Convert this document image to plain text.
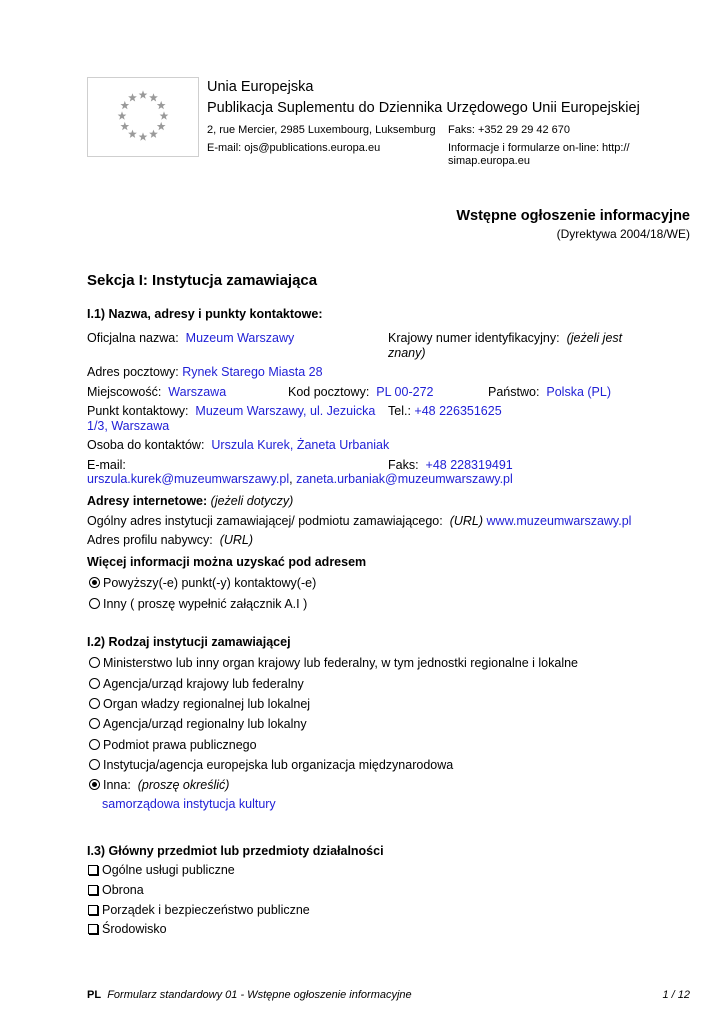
Unia Europejska
Publikacja Suplementu do Dziennika Urzędowego Unii Europejskiej
2, rue Mercier, 2985 Luxembourg, Luksemburg Faks: +352 29 29 42 670
E-mail: ojs@publications.europa.eu	Informacje i formularze on-line: http:// simap.europa.eu
Wstępne ogłoszenie informacyjne
(Dyrektywa 2004/18/WE)
Sekcja I: Instytucja zamawiająca
I.1) Nazwa, adresy i punkty kontaktowe:
Oficjalna nazwa: Muzeum Warszawy	Krajowy numer identyfikacyjny: (jeżeli jest
znany)
Adres pocztowy: Rynek Starego Miasta 28
Miejscowość: Warszawa	Kod pocztowy: PL 00-272	Państwo: Polska (PL)
Punkt kontaktowy: Muzeum Warszawy, ul. Jezuicka
1/3, Warszawa
Tel.: +48 226351625
Osoba do kontaktów: Urszula Kurek, Żaneta Urbaniak
E-mail:	Faks: +48 228319491
urszula.kurek@muzeumwarszawy.pl, zaneta.urbaniak@muzeumwarszawy.pl
Adresy internetowe: (jeżeli dotyczy)
Ogólny adres instytucji zamawiającej/ podmiotu zamawiającego: (URL) www.muzeumwarszawy.pl
Adres profilu nabywcy: (URL)
Więcej informacji można uzyskać pod adresem
Powyższy(-e) punkt(-y) kontaktowy(-e)
Inny ( proszę wypełnić załącznik A.I )
I.2) Rodzaj instytucji zamawiającej
Ministerstwo lub inny organ krajowy lub federalny, w tym jednostki regionalne i lokalne
Agencja/urząd krajowy lub federalny
Organ władzy regionalnej lub lokalnej
Agencja/urząd regionalny lub lokalny
Podmiot prawa publicznego
Instytucja/agencja europejska lub organizacja międzynarodowa
Inna: (proszę określić)
samorządowa instytucja kultury
I.3) Główny przedmiot lub przedmioty działalności
Ogólne usługi publiczne
Obrona
Porządek i bezpieczeństwo publiczne
Środowisko
PL Formularz standardowy 01 - Wstępne ogłoszenie informacyjne	1 / 12
